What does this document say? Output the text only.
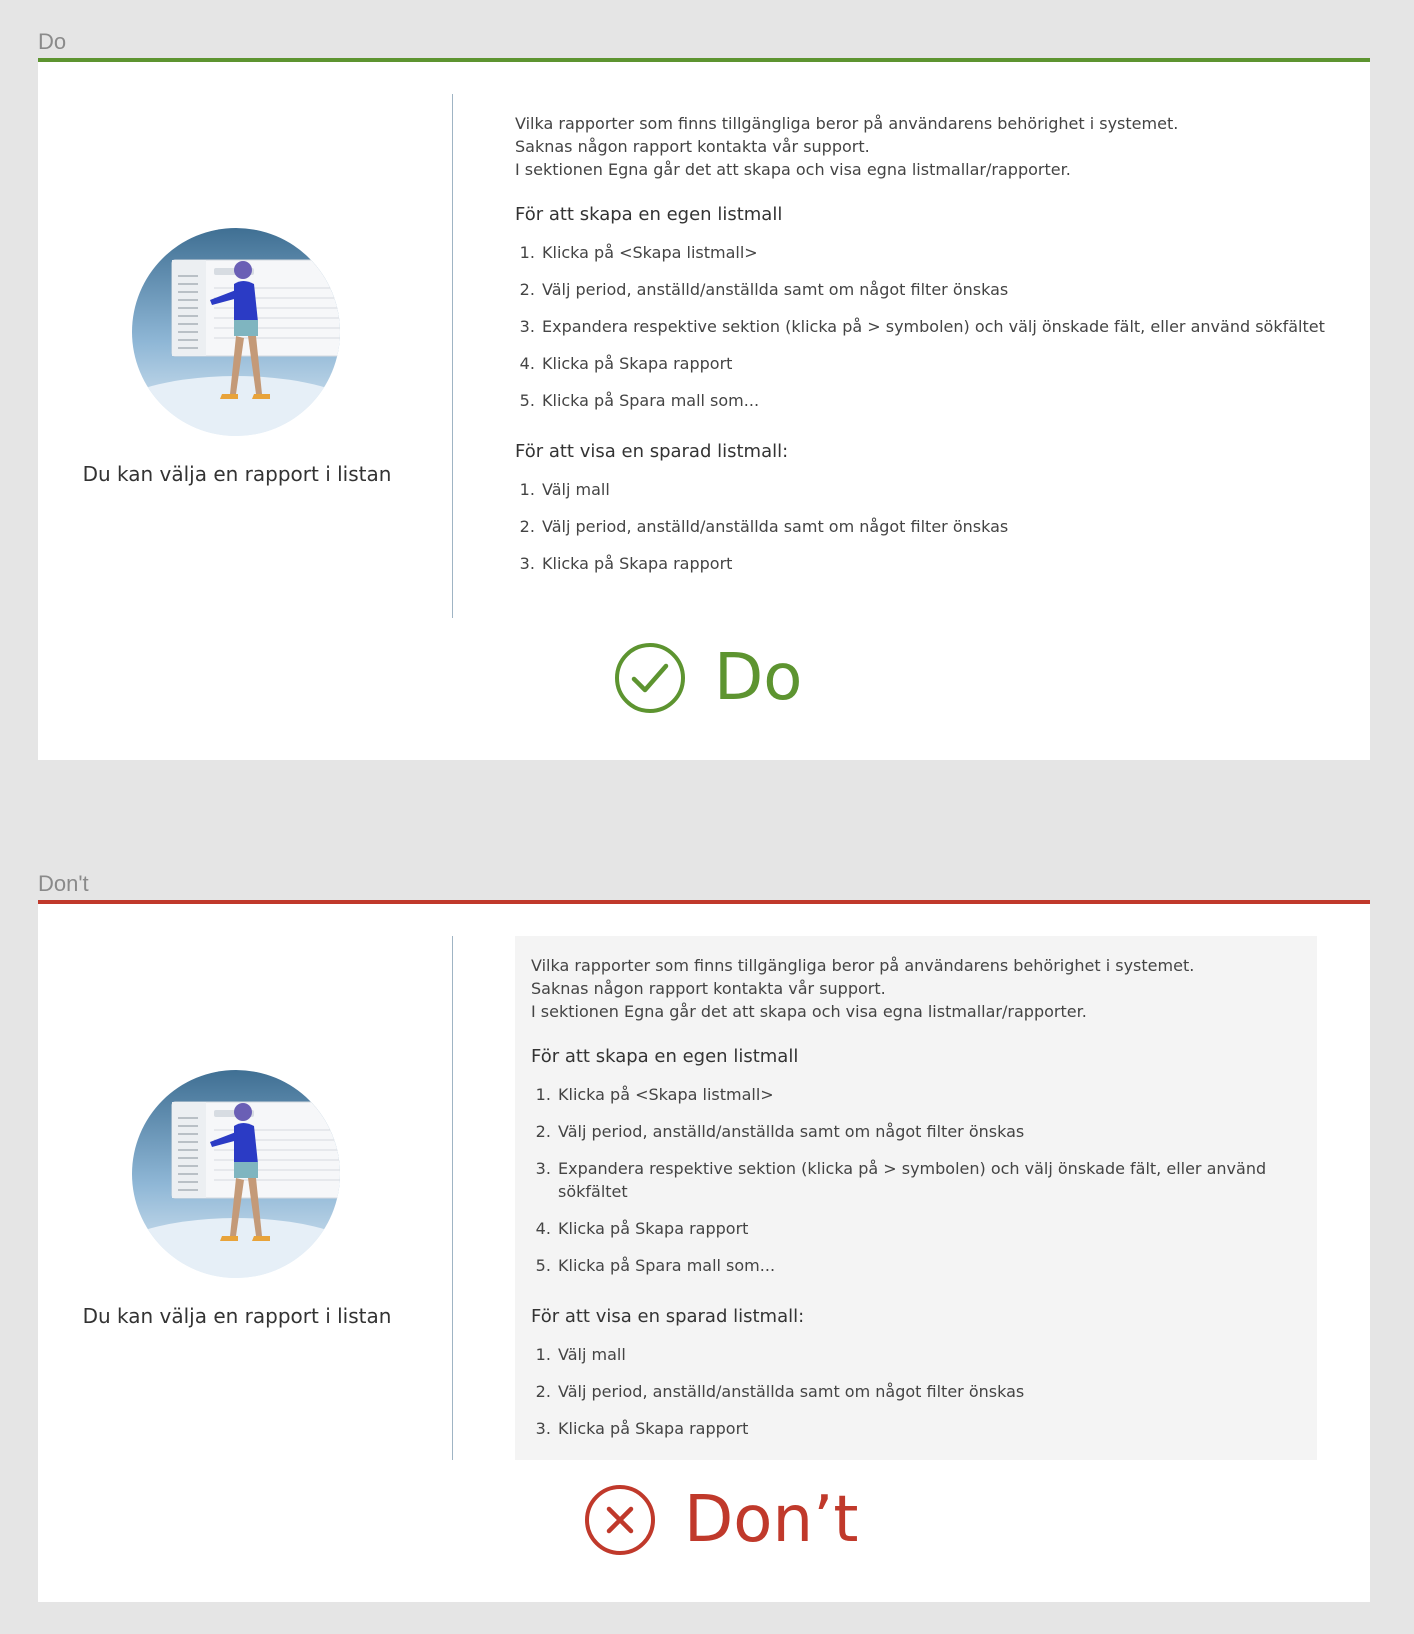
Do
Du kan välja en rapport i listan

Vilka rapporter som finns tillgängliga beror på användarens behörighet i systemet.

Saknas någon rapport kontakta vår support.

I sektionen Egna går det att skapa och visa egna listmallar/rapporter.

För att skapa en egen listmall
1. Klicka på <Skapa listmall>
2. Välj period, anställd/anställda samt om något filter önskas
3. Expandera respektive sektion (klicka på > symbolen) och välj önskade fält, eller använd sökfältet
4. Klicka på Skapa rapport
5. Klicka på Spara mall som...
För att visa en sparad listmall:
1. Välj mall
2. Välj period, anställd/anställda samt om något filter önskas
3. Klicka på Skapa rapport
Do
Don't
Du kan välja en rapport i listan

Vilka rapporter som finns tillgängliga beror på användarens behörighet i systemet.

Saknas någon rapport kontakta vår support.

I sektionen Egna går det att skapa och visa egna listmallar/rapporter.

För att skapa en egen listmall
1. Klicka på <Skapa listmall>
2. Välj period, anställd/anställda samt om något filter önskas
3. Expandera respektive sektion (klicka på > symbolen) och välj önskade fält, eller använd sökfältet
4. Klicka på Skapa rapport
5. Klicka på Spara mall som...
För att visa en sparad listmall:
1. Välj mall
2. Välj period, anställd/anställda samt om något filter önskas
3. Klicka på Skapa rapport
Don’t
